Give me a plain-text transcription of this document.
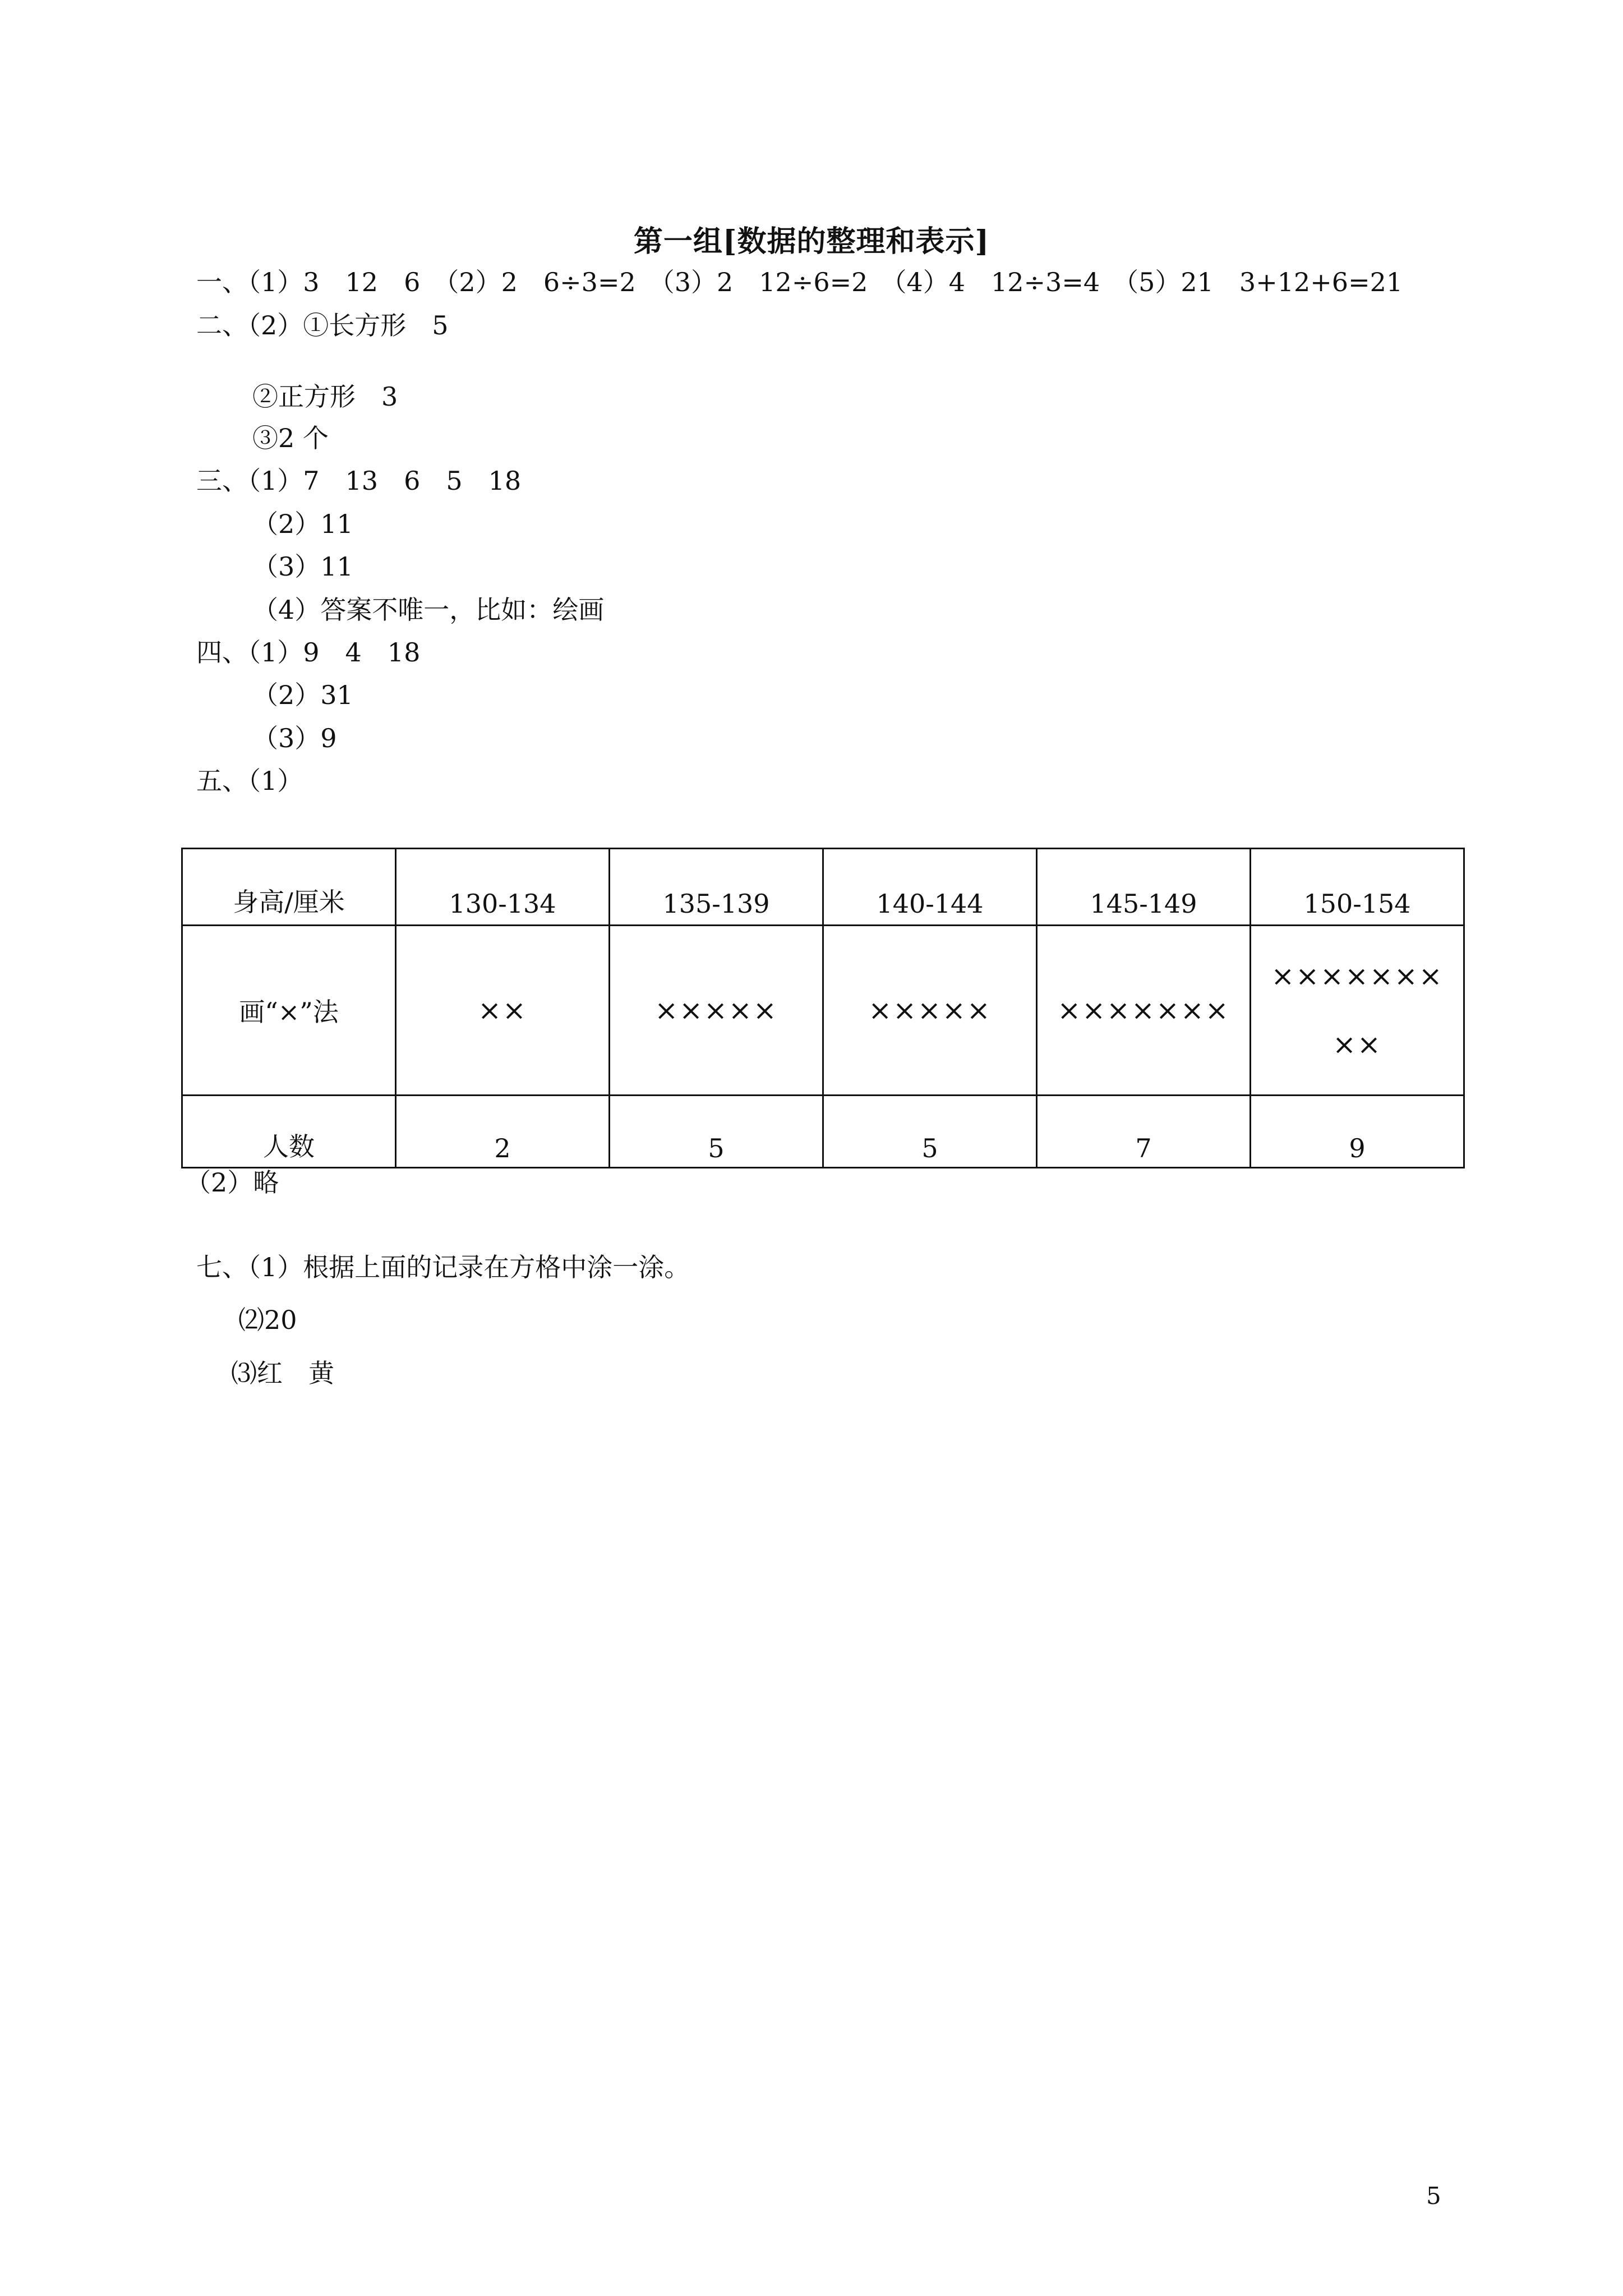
第一组[数据的整理和表示]
一、（1）3　12　6　（2）2　6÷3=2　（3）2　12÷6=2　（4）4　12÷3=4　（5）21　3+12+6=21
二、（2）①长方形　5
②正方形　3
③2 个
三、（1）7　13　6　5　18
（2）11
（3）11
（4）答案不唯一，比如：绘画
四、（1）9　4　18
（2）31
（3）9
五、（1）
身高/厘米	130-134	135-139	140-144	145-149	150-154
画“×”法	××	×××××	×××××	×××××××	×××××××××
人数	2	5	5	7	9
（2）略
七、（1）根据上面的记录在方格中涂一涂。
⑵20
⑶红　黄
5
